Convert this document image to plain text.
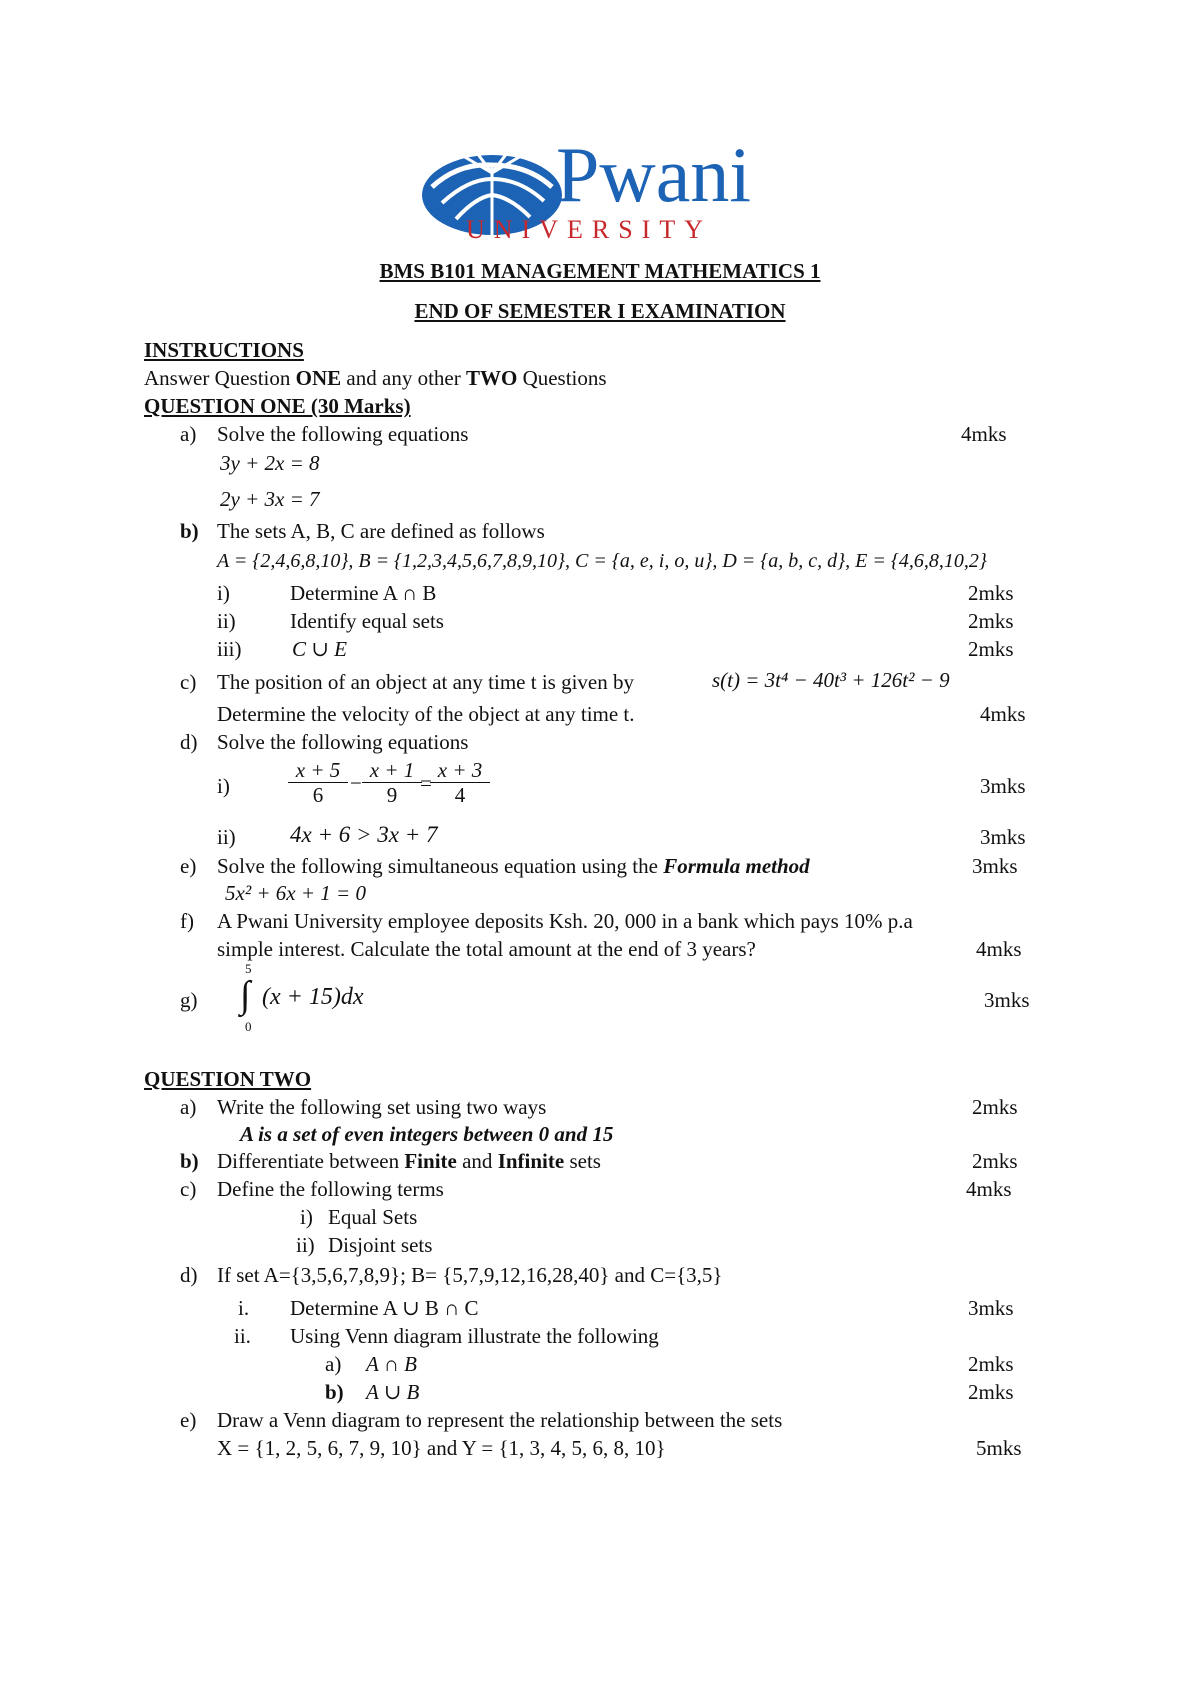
Pwani
UNIVERSITY
BMS B101 MANAGEMENT MATHEMATICS 1
END OF SEMESTER I EXAMINATION
INSTRUCTIONS
Answer Question ONE and any other TWO Questions
QUESTION ONE (30 Marks)
a) Solve the following equations	4mks
3y + 2x = 8
2y + 3x = 7
b) The sets A, B, C are defined as follows
A = {2,4,6,8,10}, B = {1,2,3,4,5,6,7,8,9,10}, C = {a, e, i, o, u}, D = {a, b, c, d}, E = {4,6,8,10,2}
i)	Determine A ∩ B	2mks
ii)	Identify equal sets	2mks
iii) C ∪ E	2mks
c) The position of an object at any time t is given by	s(t) = 3t⁴ − 40t³ + 126t² − 9
Determine the velocity of the object at any time t.	4mks
d) Solve the following equations
i)	$\frac{x + 5}{6} - \frac{x + 1}{9}$
=
$\frac{x + 3}{4}$	3mks
ii) 4x + 6 > 3x + 7	3mks
e) Solve the following simultaneous equation using the Formula method	3mks
5x² + 6x + 1 = 0
f) A Pwani University employee deposits Ksh. 20, 000 in a bank which pays 10% p.a
simple interest. Calculate the total amount at the end of 3 years?	4mks
g)
5
∫
0
(x + 15)dx	3mks
QUESTION TWO
a) Write the following set using two ways	2mks
A is a set of even integers between 0 and 15
b) Differentiate between Finite and Infinite sets	2mks
c) Define the following terms	4mks
i) Equal Sets
ii) Disjoint sets
d) If set A={3,5,6,7,8,9}; B= {5,7,9,12,16,28,40} and C={3,5}
i. Determine A ∪ B ∩ C	3mks
ii. Using Venn diagram illustrate the following
a) A ∩ B	2mks
b) A ∪ B	2mks
e) Draw a Venn diagram to represent the relationship between the sets
X = {1, 2, 5, 6, 7, 9, 10} and Y = {1, 3, 4, 5, 6, 8, 10}	5mks
